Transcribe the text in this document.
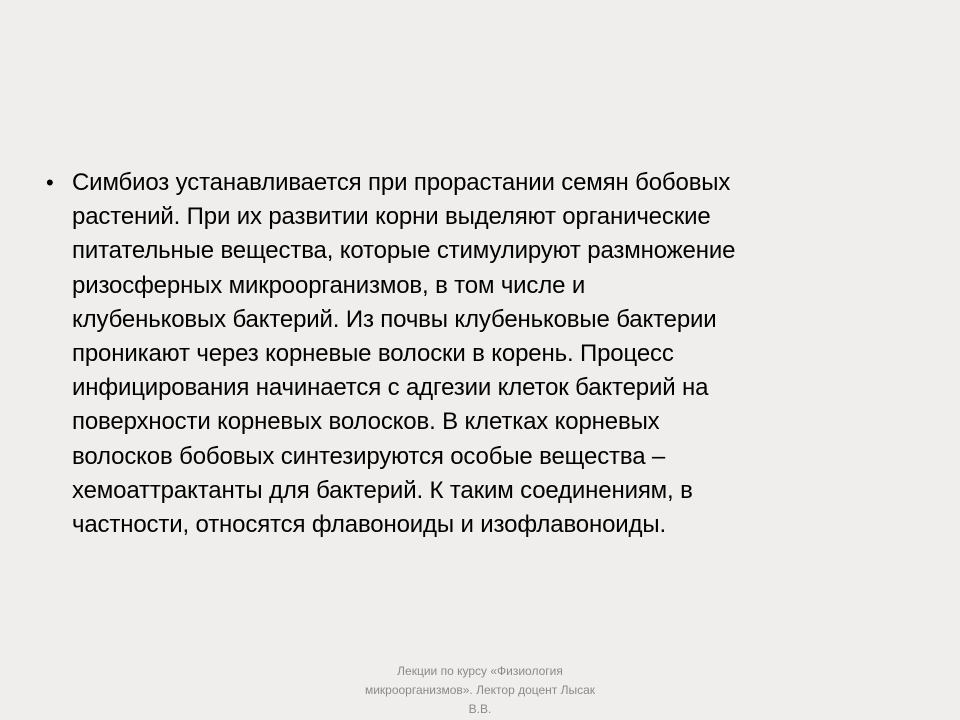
• Симбиоз устанавливается при прорастании семян бобовых
растений. При их развитии корни выделяют органические
питательные вещества, которые стимулируют размножение
ризосферных микроорганизмов, в том числе и
клубеньковых бактерий. Из почвы клубеньковые бактерии
проникают через корневые волоски в корень. Процесс
инфицирования начинается с адгезии клеток бактерий на
поверхности корневых волосков. В клетках корневых
волосков бобовых синтезируются особые вещества –
хемоаттрактанты для бактерий. К таким соединениям, в
частности, относятся флавоноиды и изофлавоноиды.
Лекции по курсу «Физиология
микроорганизмов». Лектор доцент Лысак
В.В.
